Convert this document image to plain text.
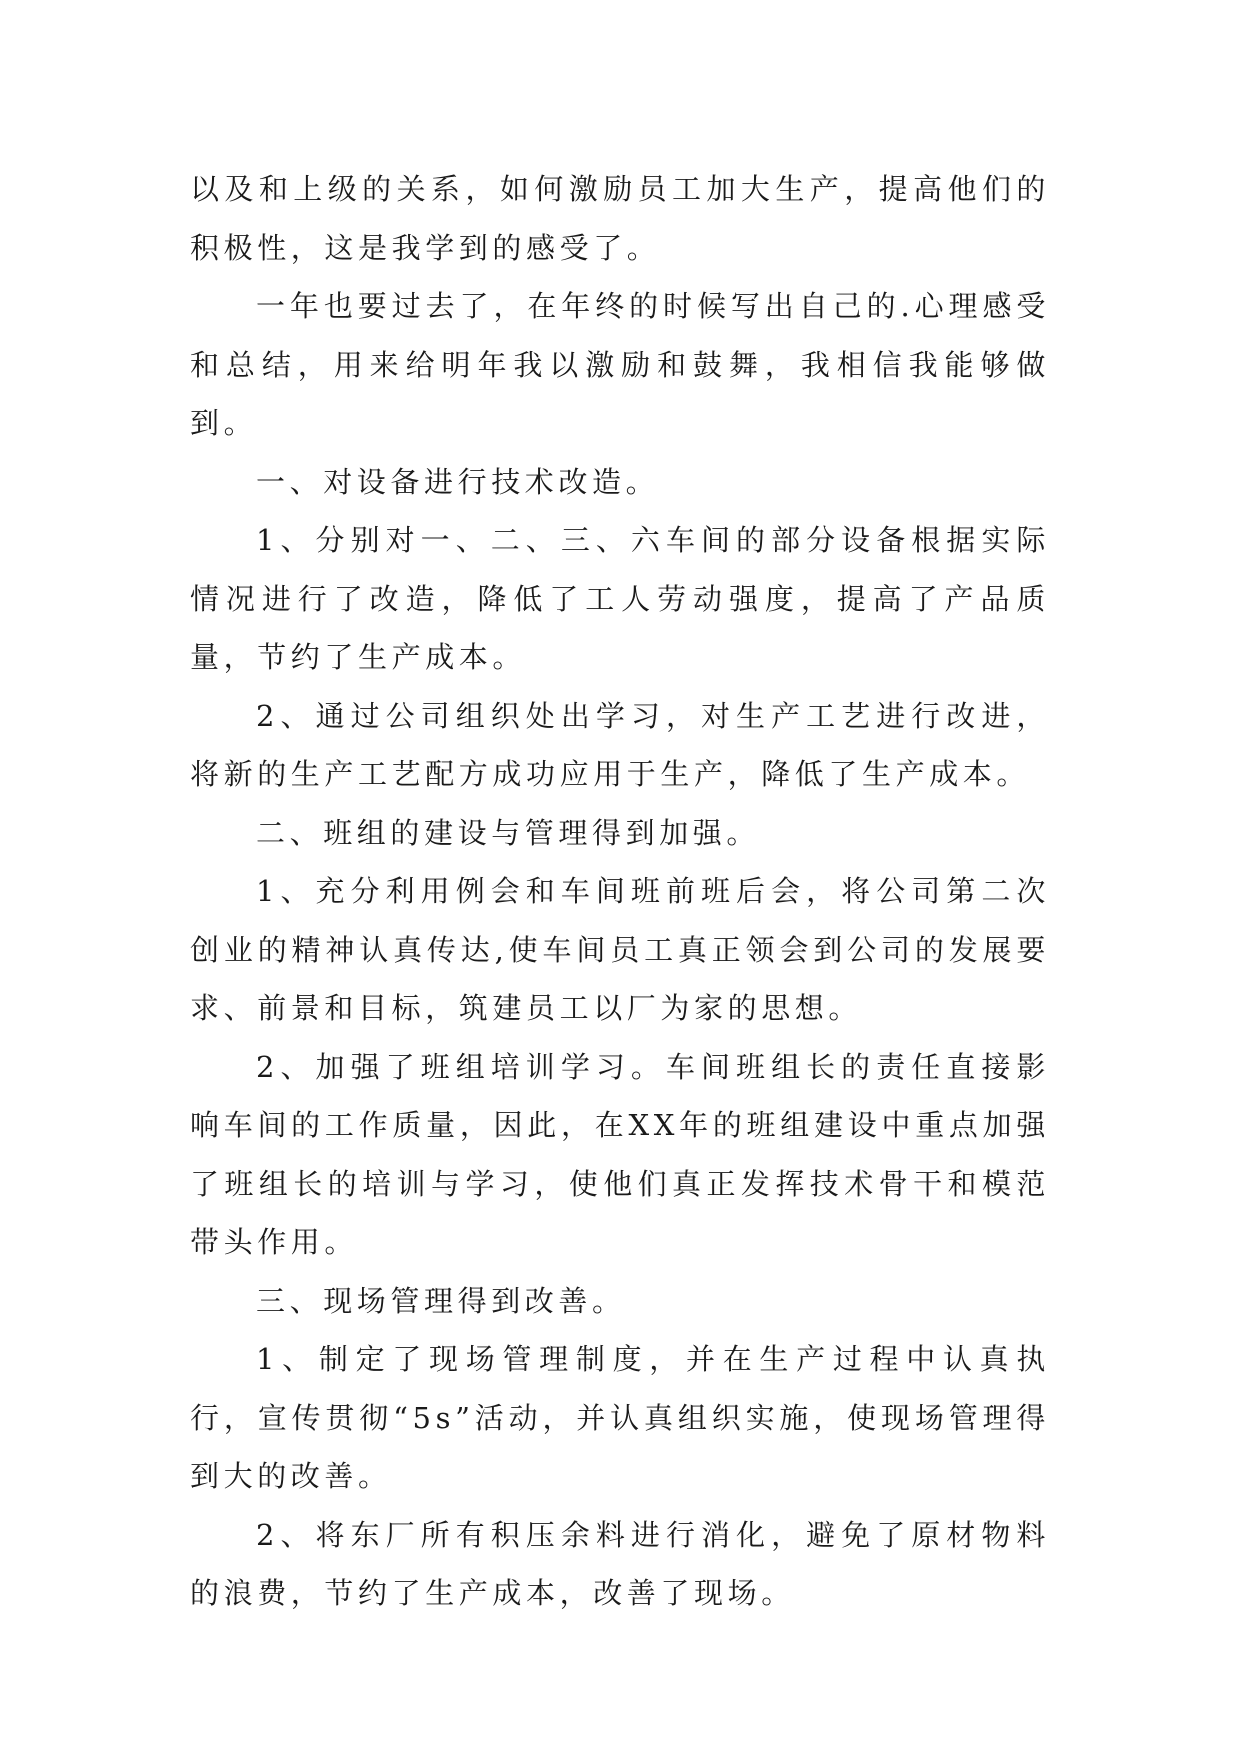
以及和上级的关系，如何激励员工加大生产，提高他们的积极性，这是我学到的感受了。

一年也要过去了，在年终的时候写出自己的.心理感受和总结，用来给明年我以激励和鼓舞，我相信我能够做到。

一、对设备进行技术改造。

1、分别对一、二、三、六车间的部分设备根据实际情况进行了改造，降低了工人劳动强度，提高了产品质量，节约了生产成本。

2、通过公司组织处出学习，对生产工艺进行改进，将新的生产工艺配方成功应用于生产，降低了生产成本。

二、班组的建设与管理得到加强。

1、充分利用例会和车间班前班后会，将公司第二次创业的精神认真传达,使车间员工真正领会到公司的发展要求、前景和目标，筑建员工以厂为家的思想。

2、加强了班组培训学习。车间班组长的责任直接影响车间的工作质量，因此，在XX年的班组建设中重点加强了班组长的培训与学习，使他们真正发挥技术骨干和模范带头作用。

三、现场管理得到改善。

1、制定了现场管理制度，并在生产过程中认真执行，宣传贯彻“5s”活动，并认真组织实施，使现场管理得到大的改善。

2、将东厂所有积压余料进行消化，避免了原材物料的浪费，节约了生产成本，改善了现场。
